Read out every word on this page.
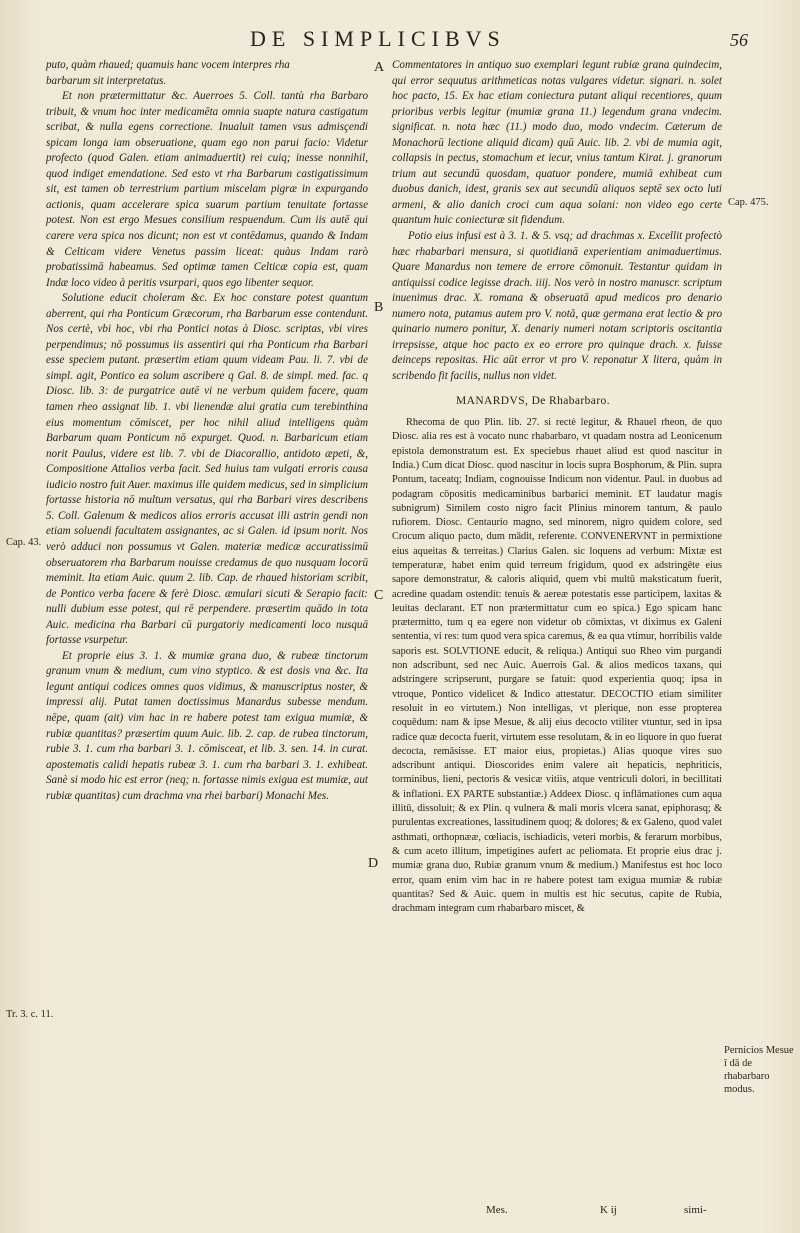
DE SIMPLICIBVS	56

puto, quàm rhaued; quamuis hanc vocem interpres rha

barbarum sit interpretatus.

Et non prætermittatur &c. Auerroes 5. Coll. tantù rha Barbaro tribuit, & vnum hoc inter medicamēta omnia suapte natura castigatum scribat, & nulla egens correctione. Inualuit tamen vsus admisçendi spicam longa iam obseruatione, quam ego non parui facio: Videtur profecto (quod Galen. etiam animaduertit) rei cuiq; inesse nonnihil, quod indiget emendatione. Sed esto vt rha Barbarum castigatissimum sit, est tamen ob terrestrium partium miscelam pigræ in expurgando actionis, quam accelerare spica suarum partium tenuitate fortasse potest. Non est ergo Mesues consilium respuendum. Cum iis autē qui carere vera spica nos dicunt; non est vt contēdamus, quando & Indam & Celticam videre Venetus passim liceat: quàus Indam rarò probatissimā habeamus. Sed optimæ tamen Celticæ copia est, quam Indæ loco video à peritis vsurpari, quos ego libenter sequor.

Solutione educit choleram &c. Ex hoc constare potest quantum aberrent, qui rha Ponticum Græcorum, rha Barbarum esse contendunt. Nos certè, vbi hoc, vbi rha Pontici notas à Diosc. scriptas, vbi vires perpendimus; nō possumus iis assentiri qui rha Ponticum rha Barbari esse speciem putant. præsertim etiam quum videam Pau. li. 7. vbi de simpl. agit, Pontico ea solum ascribere q Gal. 8. de simpl. med. fac. q Diosc. lib. 3: de purgatrice autē vi ne verbum quidem facere, quam tamen rheo assignat lib. 1. vbi lienendæ alui gratia cum terebinthina eius momentum cōmiscet, per hoc nihil aliud intelligens quàm Barbarum quam Ponticum nō expurget. Quod. n. Barbaricum etiam norit Paulus, videre est lib. 7. vbi de Diacorallio, antidoto æpeti, &, Compositione Attalios verba facit. Sed huius tam vulgati erroris causa iudicio nostro fuit Auer. maximus ille quidem medicus, sed in simplicium fortasse historia nō multum versatus, qui rha Barbari vires describens 5. Coll. Galenum & medicos alios erroris accusat illi astrin gendi non etiam soluendi facultatem assignantes, ac si Galen. id ipsum norit. Nos verò adduci non possumus vt Galen. materiæ medicæ accuratissimū obseruatorem rha Barbarum nouisse credamus de quo nusquam locorū meminit. Ita etiam Auic. quum 2. lib. Cap. de rhaued historiam scribit, de Pontico verba facere & ferè Diosc. æmulari sicuti & Serapio facit: nulli dubium esse potest, qui rē perpendere. præsertim quādo in tota Auic. medicina rha Barbari cū purgatoriy medicamenti loco nusquā fortasse vsurpetur.

Et proprie eius 3. 1. & mumiæ grana duo, & rubeæ tinctorum granum vnum & medium, cum vino styptico. & est dosis vna &c. Ita legunt antiqui codices omnes quos vidimus, & manuscriptus noster, & impressi alij. Putat tamen doctissimus Manardus subesse mendum. nēpe, quam (ait) vim hac in re habere potest tam exigua mumiæ, & rubiæ quantitas? præsertim quum Auic. lib. 2. cap. de rubea tinctorum, rubie 3. 1. cum rha barbari 3. 1. cōmisceat, et lib. 3. sen. 14. in curat. apostematis calidi hepatis rubeæ 3. 1. cum rha barbari 3. 1. exhibeat. Sanè si modo hic est error (neq; n. fortasse nimis exigua est mumiæ, aut rubiæ quantitas) cum drachma vna rhei barbari) Monachi Mes.

Commentatores in antiquo suo exemplari legunt rubiæ grana quindecim, qui error sequutus arithmeticas notas vulgares videtur. signari. n. solet hoc pacto, 15. Ex hac etiam coniectura putant aliqui recentiores, quum prioribus verbis legitur (mumiæ grana 11.) legendum grana vndecim. significat. n. nota hæc (11.) modo duo, modo vndecim. Cæterum de Monachorū lectione aliquid dicam) quū Auic. lib. 2. vbi de mumia agit, collapsis in pectus, stomachum et iecur, vnius tantum Kirat. j. granorum trium aut secundū quosdam, quatuor pondere, mumiā exhibeat cum duobus danich, idest, granis sex aut secundū aliquos septē sex octo luti armeni, & alio danich croci cum aqua solani: non video ego certe quantum huic coniecturæ sit fidendum.

Potio eius infusi est à 3. 1. & 5. vsq; ad drachmas x. Excellit profectò hæc rhabarbari mensura, si quotidianā experientiam animaduertimus. Quare Manardus non temere de errore cōmonuit. Testantur quidam in antiquissi codice legisse drach. iiij. Nos verò in nostro manuscr. scriptum inuenimus drac. X. romana & obseruatā apud medicos pro denario numero nota, putamus autem pro V. notā, quæ germana erat lectio & pro quinario numero ponitur, X. denariy numeri notam scriptoris oscitantia irrepsisse, atque hoc pacto ex eo errore pro quinque drach. x. fuisse deinceps repositas. Hic aūt error vt pro V. reponatur X litera, quàm in scribendo fit facilis, nullus non videt.

MANARDVS, De Rhabarbaro.

Rhecoma de quo Plin. lib. 27. si rectè legitur, & Rhauel rheon, de quo Diosc. alia res est à vocato nunc rhabarbaro, vt quadam nostra ad Leonicenum epistola demonstratum est. Ex speciebus rhauet aliud est quod nascitur in India.) Cum dicat Diosc. quod nascitur in locis supra Bosphorum, & Plin. supra Pontum, taceatq; Indiam, cognouisse Indicum non videntur. Paul. in duobus ad podagram cōpositis medicaminibus barbarici meminit. ET laudatur magis subnigrum) Similem costo nigro facit Plinius minorem tantum, & paulo rufiorem. Diosc. Centaurio magno, sed minorem, nigro quidem colore, sed Crocum aliquo pacto, dum mādit, referente. CONVENERVNT in permixtione eius aqueitas & terreitas.) Clarius Galen. sic loquens ad verbum: Mixtæ est temperaturæ, habet enim quid terreum frigidum, quod ex adstringēte eius sapore demonstratur, & caloris aliquid, quem vbi multū maksticatum fuerit, acredine quadam ostendit: tenuis & aereæ potestatis esse participem, laxitas & leuitas declarant. ET non prætermittatur cum eo spica.) Ego spicam hanc prætermitto, tum q ea egere non videtur ob cōmixtas, vt diximus ex Galeni sententia, vi res: tum quod vera spica caremus, & ea qua vtimur, horribilis valde saporis est. SOLVTIONE educit, & reliqua.) Antiqui suo Rheo vim purgandi non adscribunt, sed nec Auic. Auerrois Gal. & alios medicos taxans, qui adstringere scripserunt, purgare se fatuit: quod experientia quoq; ipsa in vtroque, Pontico videlicet & Indico attestatur. DECOCTIO etiam similiter resoluit in eo virtutem.) Non intelligas, vt plerique, non esse propterea coquēdum: nam & ipse Mesue, & alij eius decocto vtiliter vtuntur, sed in ipsa radice quæ decocta fuerit, virtutem esse resolutam, & in eo liquore in quo fuerat decocta, remāsisse. ET maior eius, propietas.) Alias quoque vires suo adscribunt antiqui. Dioscorides enim valere ait hepaticis, nephriticis, torminibus, lieni, pectoris & vesicæ vitiis, atque ventriculi dolori, in becillitati & inflationi. EX PARTE substantiæ.) Addeex Diosc. q inflāmationes cum aqua illitū, dissoluit; & ex Plin. q vulnera & mali moris vlcera sanat, epiphorasq; & purulentas excreationes, lassitudinem quoq; & dolores; & ex Galeno, quod valet asthmati, orthopnææ, cœliacis, ischiadicis, veteri morbis, & ferarum morbibus, & cum aceto illitum, impetigines aufert ac peliomata. Et proprie eius drac j. mumiæ grana duo, Rubiæ granum vnum & medium.) Manifestus est hoc loco error, quam enim vim hac in re habere potest tam exigua mumiæ & rubiæ quantitas? Sed & Auic. quem in multis est hic secutus, capite de Rubia, drachmam integram cum rhabarbaro miscet, &

A
B
C
D
Cap. 43.
Cap. 475.
Tr. 3. c. 11.
Pernicios Mesue ī dā de rhabarbaro modus.
Mes.	K ij	simi-
